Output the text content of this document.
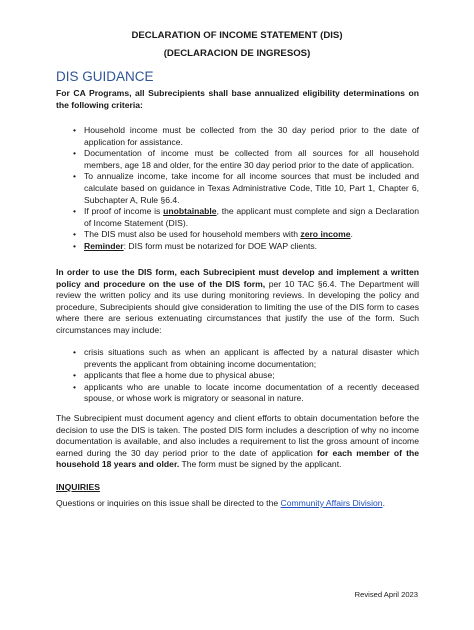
DECLARATION OF INCOME STATEMENT (DIS)
(DECLARACION DE INGRESOS)
DIS GUIDANCE
For CA Programs, all Subrecipients shall base annualized eligibility determinations on the following criteria:
• Household income must be collected from the 30 day period prior to the date of application for assistance.
• Documentation of income must be collected from all sources for all household members, age 18 and older, for the entire 30 day period prior to the date of application.
• To annualize income, take income for all income sources that must be included and calculate based on guidance in Texas Administrative Code, Title 10, Part 1, Chapter 6, Subchapter A, Rule §6.4.
• If proof of income is unobtainable, the applicant must complete and sign a Declaration of Income Statement (DIS).
• The DIS must also be used for household members with zero income.
• Reminder: DIS form must be notarized for DOE WAP clients.
In order to use the DIS form, each Subrecipient must develop and implement a written policy and procedure on the use of the DIS form, per 10 TAC §6.4. The Department will review the written policy and its use during monitoring reviews. In developing the policy and procedure, Subrecipients should give consideration to limiting the use of the DIS form to cases where there are serious extenuating circumstances that justify the use of the form. Such circumstances may include:
• crisis situations such as when an applicant is affected by a natural disaster which prevents the applicant from obtaining income documentation;
• applicants that flee a home due to physical abuse;
• applicants who are unable to locate income documentation of a recently deceased spouse, or whose work is migratory or seasonal in nature.
The Subrecipient must document agency and client efforts to obtain documentation before the decision to use the DIS is taken. The posted DIS form includes a description of why no income documentation is available, and also includes a requirement to list the gross amount of income earned during the 30 day period prior to the date of application for each member of the household 18 years and older. The form must be signed by the applicant.
INQUIRIES
Questions or inquiries on this issue shall be directed to the Community Affairs Division.
Revised April 2023
